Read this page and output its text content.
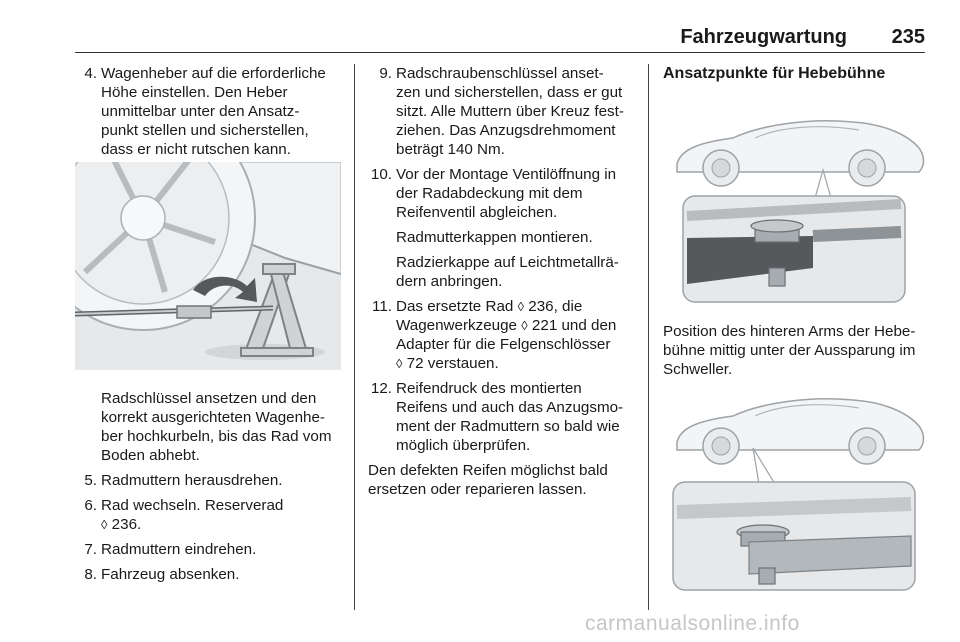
Fahrzeugwartung 235
4. Wagenheber auf die erforderliche
Höhe einstellen. Den Heber
unmittelbar unter den Ansatz-
punkt stellen und sicherstellen,
dass er nicht rutschen kann.
Radschlüssel ansetzen und den
korrekt ausgerichteten Wagenhe-
ber hochkurbeln, bis das Rad vom
Boden abhebt.
5. Radmuttern herausdrehen.
6. Rad wechseln. Reserverad
◊ 236.
7. Radmuttern eindrehen.
8. Fahrzeug absenken.
9. Radschraubenschlüssel anset-
zen und sicherstellen, dass er gut
sitzt. Alle Muttern über Kreuz fest-
ziehen. Das Anzugsdrehmoment
beträgt 140 Nm.
10. Vor der Montage Ventilöffnung in
der Radabdeckung mit dem
Reifenventil abgleichen.
Radmutterkappen montieren.
Radzierkappe auf Leichtmetallrä-
dern anbringen.
11. Das ersetzte Rad ◊ 236, die
Wagenwerkzeuge ◊ 221 und den
Adapter für die Felgenschlösser
◊ 72 verstauen.
12. Reifendruck des montierten
Reifens und auch das Anzugsmo-
ment der Radmuttern so bald wie
möglich überprüfen.
Den defekten Reifen möglichst bald
ersetzen oder reparieren lassen.
Ansatzpunkte für Hebebühne
Position des hinteren Arms der Hebe-
bühne mittig unter der Aussparung im
Schweller.
carmanualsonline.info
